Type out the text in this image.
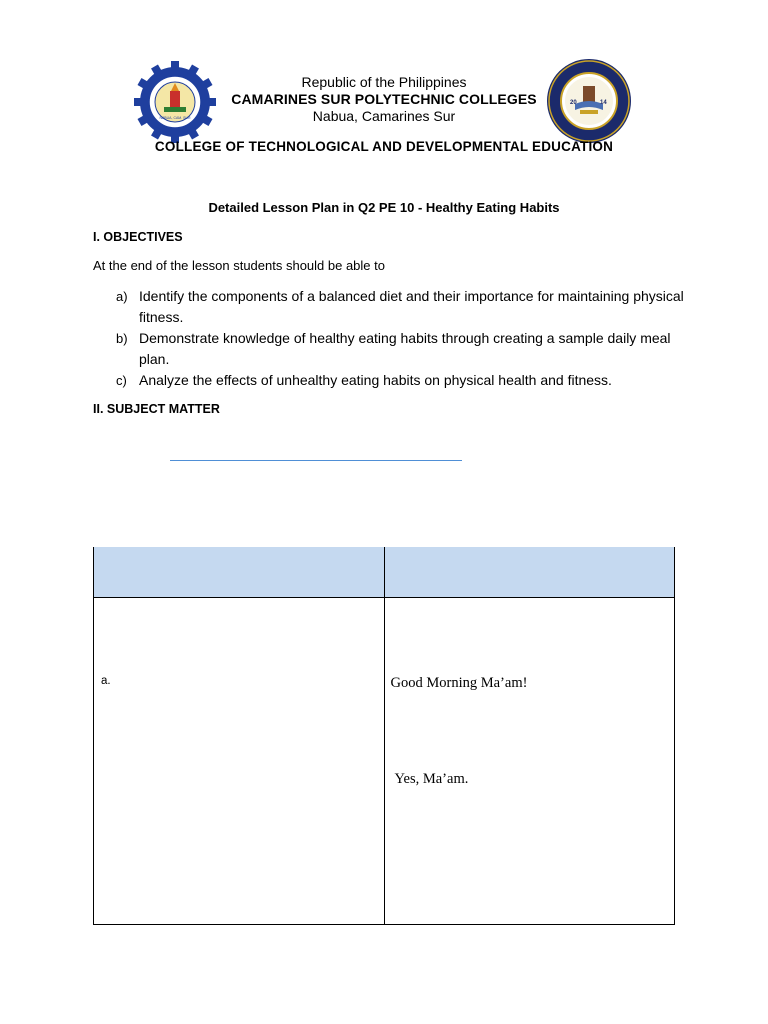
NABUA, CAM. SUR
Republic of the Philippines
CAMARINES SUR POLYTECHNIC COLLEGES
Nabua, Camarines Sur
20	14
COLLEGE OF TECHNOLOGICAL AND DEVELOPMENTAL EDUCATION
Detailed Lesson Plan in Q2 PE 10 - Healthy Eating Habits
I. OBJECTIVES
At the end of the lesson students should be able to
a) Identify the components of a balanced diet and their importance for maintaining physical fitness.
b) Demonstrate knowledge of healthy eating habits through creating a sample daily meal plan.
c) Analyze the effects of unhealthy eating habits on physical health and fitness.
II. SUBJECT MATTER

a.	Good Morning Ma’am!
Yes, Ma’am.
